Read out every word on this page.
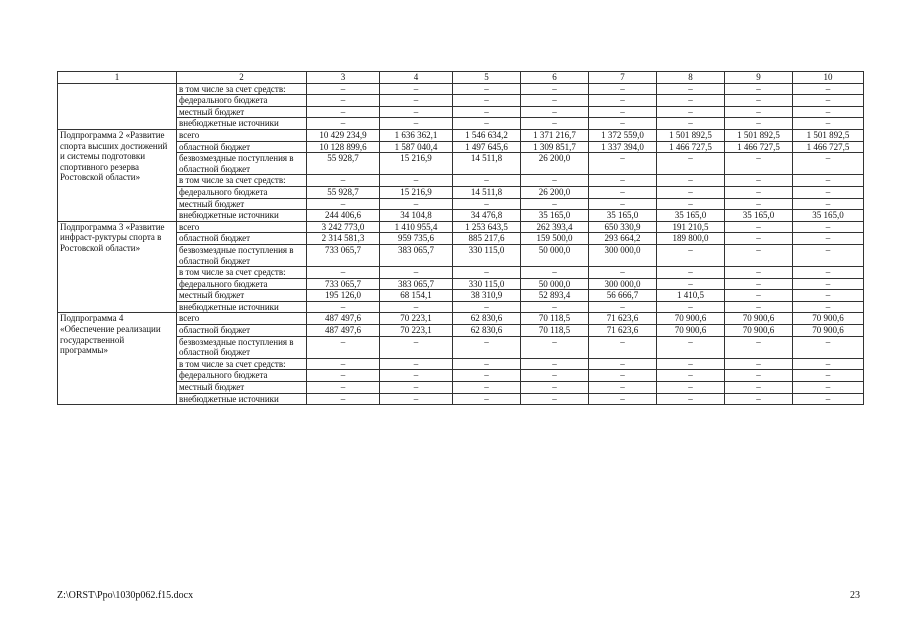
1	2	3	4	5	6	7	8	9	10
	в том числе за счет средств:	–	–	–	–	–	–	–	–
	федерального бюджета	–	–	–	–	–	–	–	–
	местный бюджет	–	–	–	–	–	–	–	–
	внебюджетные источники	–	–	–	–	–	–	–	–
Подпрограмма 2 «Развитие спорта высших достижений и системы подготовки спортивного резерва Ростовской области»	всего	10 429 234,9	1 636 362,1	1 546 634,2	1 371 216,7	1 372 559,0	1 501 892,5	1 501 892,5	1 501 892,5
	областной бюджет	10 128 899,6	1 587 040,4	1 497 645,6	1 309 851,7	1 337 394,0	1 466 727,5	1 466 727,5	1 466 727,5
	безвозмездные поступления в областной бюджет	55 928,7	15 216,9	14 511,8	26 200,0	–	–	–	–
	в том числе за счет средств:	–	–	–	–	–	–	–	–
	федерального бюджета	55 928,7	15 216,9	14 511,8	26 200,0	–	–	–	–
	местный бюджет	–	–	–	–	–	–	–	–
	внебюджетные источники	244 406,6	34 104,8	34 476,8	35 165,0	35 165,0	35 165,0	35 165,0	35 165,0
Подпрограмма 3 «Развитие инфраст-руктуры спорта в Ростовской области»	всего	3 242 773,0	1 410 955,4	1 253 643,5	262 393,4	650 330,9	191 210,5	–	–
	областной бюджет	2 314 581,3	959 735,6	885 217,6	159 500,0	293 664,2	189 800,0	–	–
	безвозмездные поступления в областной бюджет	733 065,7	383 065,7	330 115,0	50 000,0	300 000,0	–	–	–
	в том числе за счет средств:	–	–	–	–	–	–	–	–
	федерального бюджета	733 065,7	383 065,7	330 115,0	50 000,0	300 000,0	–	–	–
	местный бюджет	195 126,0	68 154,1	38 310,9	52 893,4	56 666,7	1 410,5	–	–
	внебюджетные источники	–	–	–	–	–	–	–	–
Подпрограмма 4 «Обеспечение реализации государственной программы»	всего	487 497,6	70 223,1	62 830,6	70 118,5	71 623,6	70 900,6	70 900,6	70 900,6
	областной бюджет	487 497,6	70 223,1	62 830,6	70 118,5	71 623,6	70 900,6	70 900,6	70 900,6
	безвозмездные поступления в областной бюджет	–	–	–	–	–	–	–	–
	в том числе за счет средств:	–	–	–	–	–	–	–	–
	федерального бюджета	–	–	–	–	–	–	–	–
	местный бюджет	–	–	–	–	–	–	–	–
	внебюджетные источники	–	–	–	–	–	–	–	–
Z:\ORST\Ppo\1030p062.f15.docx	23
